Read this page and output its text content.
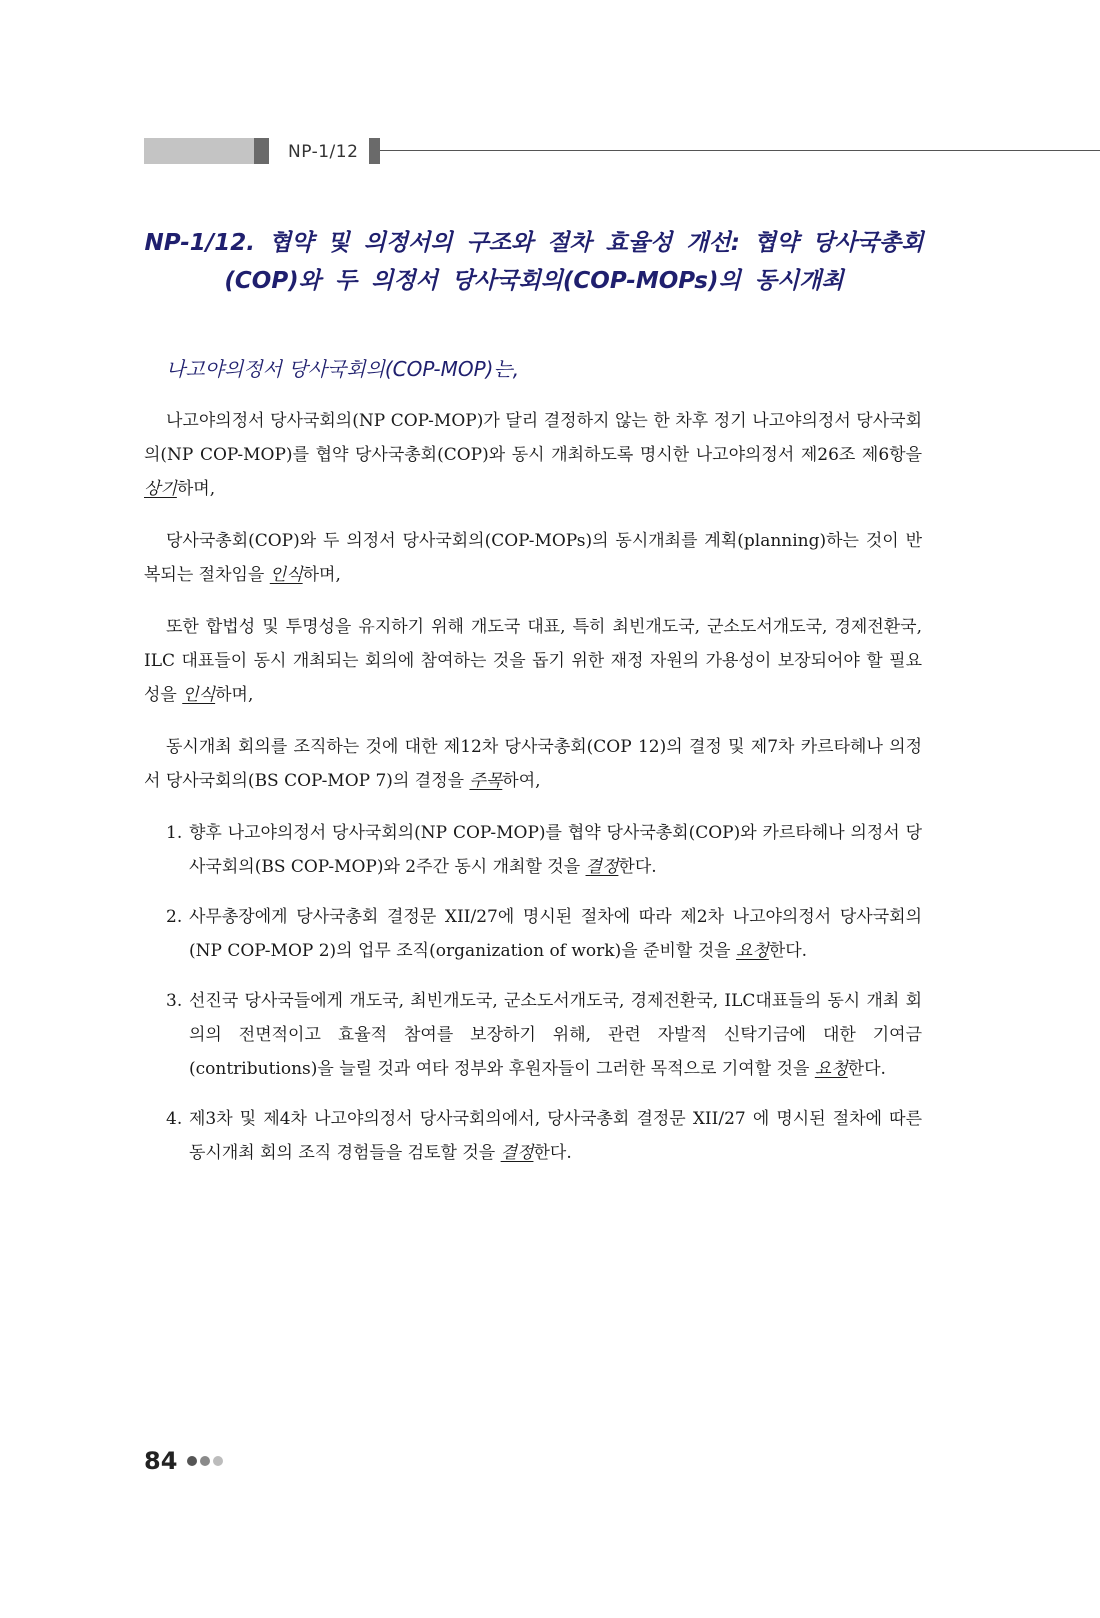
NP-1/12
NP-1/12. 협약 및 의정서의 구조와 절차 효율성 개선: 협약 당사국총회
(COP)와 두 의정서 당사국회의(COP-MOPs)의 동시개최

나고야의정서 당사국회의(COP-MOP)는,

나고야의정서 당사국회의(NP COP-MOP)가 달리 결정하지 않는 한 차후 정기 나고야의정서 당사국회의(NP COP-MOP)를 협약 당사국총회(COP)와 동시 개최하도록 명시한 나고야의정서 제26조 제6항을 상기하며,

당사국총회(COP)와 두 의정서 당사국회의(COP-MOPs)의 동시개최를 계획(planning)하는 것이 반복되는 절차임을 인식하며,

또한 합법성 및 투명성을 유지하기 위해 개도국 대표, 특히 최빈개도국, 군소도서개도국, 경제전환국, ILC 대표들이 동시 개최되는 회의에 참여하는 것을 돕기 위한 재정 자원의 가용성이 보장되어야 할 필요성을 인식하며,

동시개최 회의를 조직하는 것에 대한 제12차 당사국총회(COP 12)의 결정 및 제7차 카르타헤나 의정서 당사국회의(BS COP-MOP 7)의 결정을 주목하여,

1. 향후 나고야의정서 당사국회의(NP COP-MOP)를 협약 당사국총회(COP)와 카르타헤나 의정서 당사국회의(BS COP-MOP)와 2주간 동시 개최할 것을 결정한다.
2. 사무총장에게 당사국총회 결정문 XII/27에 명시된 절차에 따라 제2차 나고야의정서 당사국회의(NP COP-MOP 2)의 업무 조직(organization of work)을 준비할 것을 요청한다.
3. 선진국 당사국들에게 개도국, 최빈개도국, 군소도서개도국, 경제전환국, ILC대표들의 동시 개최 회의의 전면적이고 효율적 참여를 보장하기 위해, 관련 자발적 신탁기금에 대한 기여금(contributions)을 늘릴 것과 여타 정부와 후원자들이 그러한 목적으로 기여할 것을 요청한다.
4. 제3차 및 제4차 나고야의정서 당사국회의에서, 당사국총회 결정문 XII/27 에 명시된 절차에 따른 동시개최 회의 조직 경험들을 검토할 것을 결정한다.
84
